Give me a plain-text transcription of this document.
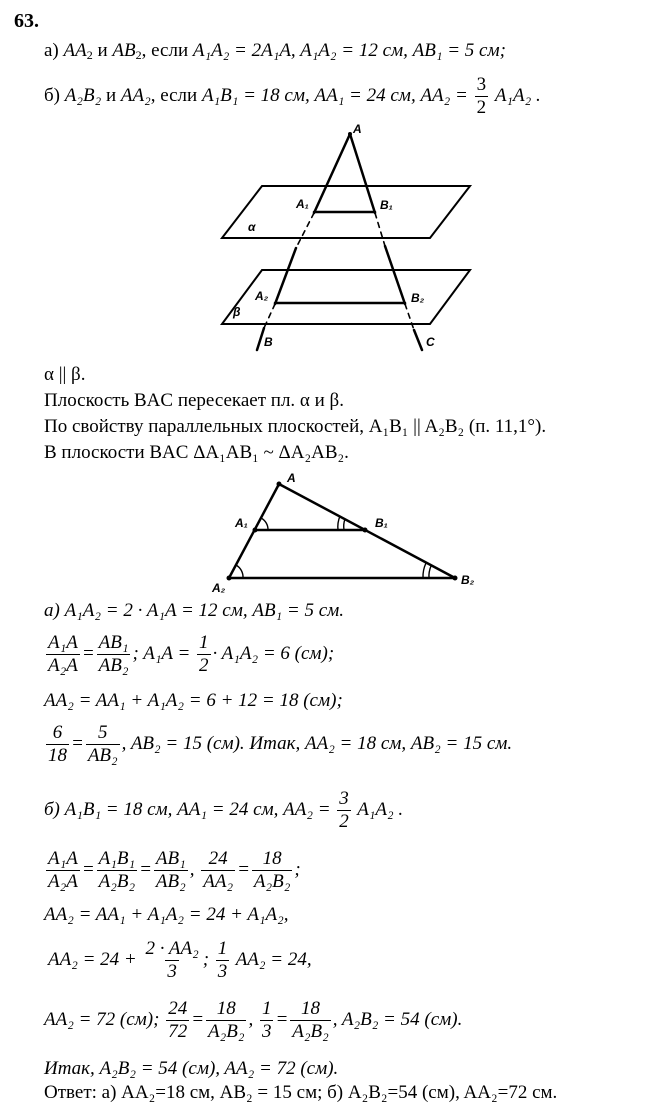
63.
а) $AA_2$ и $AB_2$, если A₁A₂ = 2A₁A, A₁A₂ = 12 см, AB₁ = 5 см;
б) A₂B₂ и AA₂, если A₁B₁ = 18 см, AA₁ = 24 см, $AA_2 = \frac{3}{2} A_1A_2$ .
A
A₁	B₁
A₂	B₂
B	C
α
β
α || β.
Плоскость BAC пересекает пл. α и β.
По свойству параллельных плоскостей, A₁B₁ || A₂B₂ (п. 11,1°).
В плоскости BAC ΔA₁AB₁ ~ ΔA₂AB₂.
A
A₁	B₁
A₂
B₂
а) A₁A₂ = 2 · A₁A = 12 см, AB₁ = 5 см.
$\frac{\text{A₁A}}{\text{A₂A}} = \frac{\text{AB₁}}{\text{AB₂}}$ ; $A_1A = \frac{1}{2} \cdot A_1A_2 = 6$ (см);
AA₂ = AA₁ + A₁A₂ = 6 + 12 = 18 (см);
$\frac{6}{18} = \frac{5}{\text{AB₂}}$ , AB₂ = 15 (см). Итак, AA₂ = 18 см, AB₂ = 15 см.
б) A₁B₁ = 18 см, AA₁ = 24 см, $AA_2 = \frac{3}{2} A_1A_2$ .
$\frac{\text{A₁A}}{\text{A₂A}} = \frac{\text{A₁B₁}}{\text{A₂B₂}} = \frac{\text{AB₁}}{\text{AB₂}}$ , $\frac{24}{\text{AA₂}} = \frac{18}{\text{A₂B₂}}$ ;
AA₂ = AA₁ + A₁A₂ = 24 + A₁A₂,
$AA_2 = 24 + \frac{\text{2 · AA₂}}{3}$ ; $\frac{1}{3} AA_2 = 24$,
AA₂ = 72 (см); $\frac{24}{72} = \frac{18}{\text{A₂B₂}}$ , $\frac{1}{3} = \frac{18}{\text{A₂B₂}}$ , A₂B₂ = 54 (см).
Итак, A₂B₂ = 54 (см), AA₂ = 72 (см).
Ответ: а) AA₂=18 см, AB₂ = 15 см; б) A₂B₂=54 (см), AA₂=72 см.
